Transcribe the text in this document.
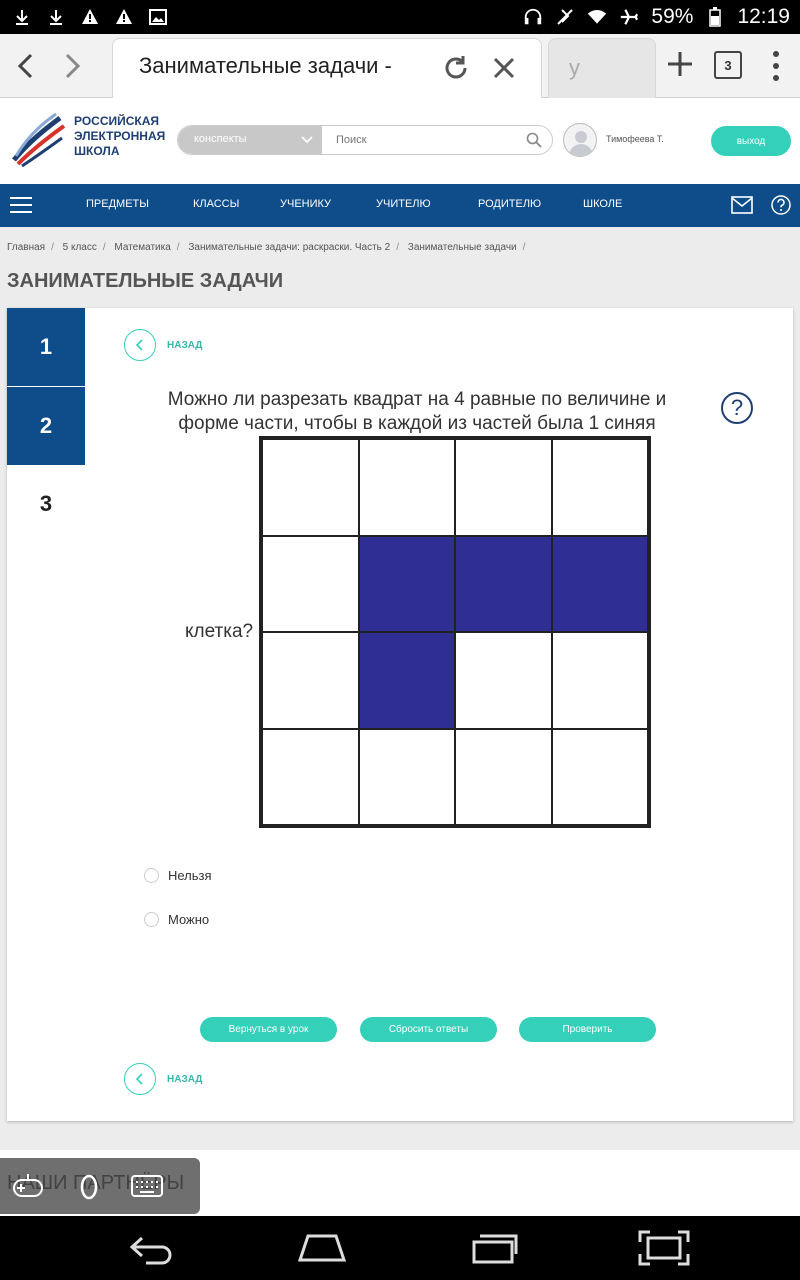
59% 12:19
Занимательные задачи -	у	3
РОССИЙСКАЯ
ЭЛЕКТРОННАЯ
ШКОЛА
конспекты
Поиск	Тимофеева Т.	выход
ПРЕДМЕТЫ	КЛАССЫ	УЧЕНИКУ	УЧИТЕЛЮ	РОДИТЕЛЮ	ШКОЛЕ
Главная / 5 класс / Математика / Занимательные задачи: раскраски. Часть 2 / Занимательные задачи /
ЗАНИМАТЕЛЬНЫЕ ЗАДАЧИ
1
2
3
НАЗАД
Можно ли разрезать квадрат на 4 равные по величине и форме части, чтобы в каждой из частей была 1 синяя
клетка?
?
Нельзя
Можно
Вернуться в урок	Сбросить ответы	Проверить
НАЗАД
